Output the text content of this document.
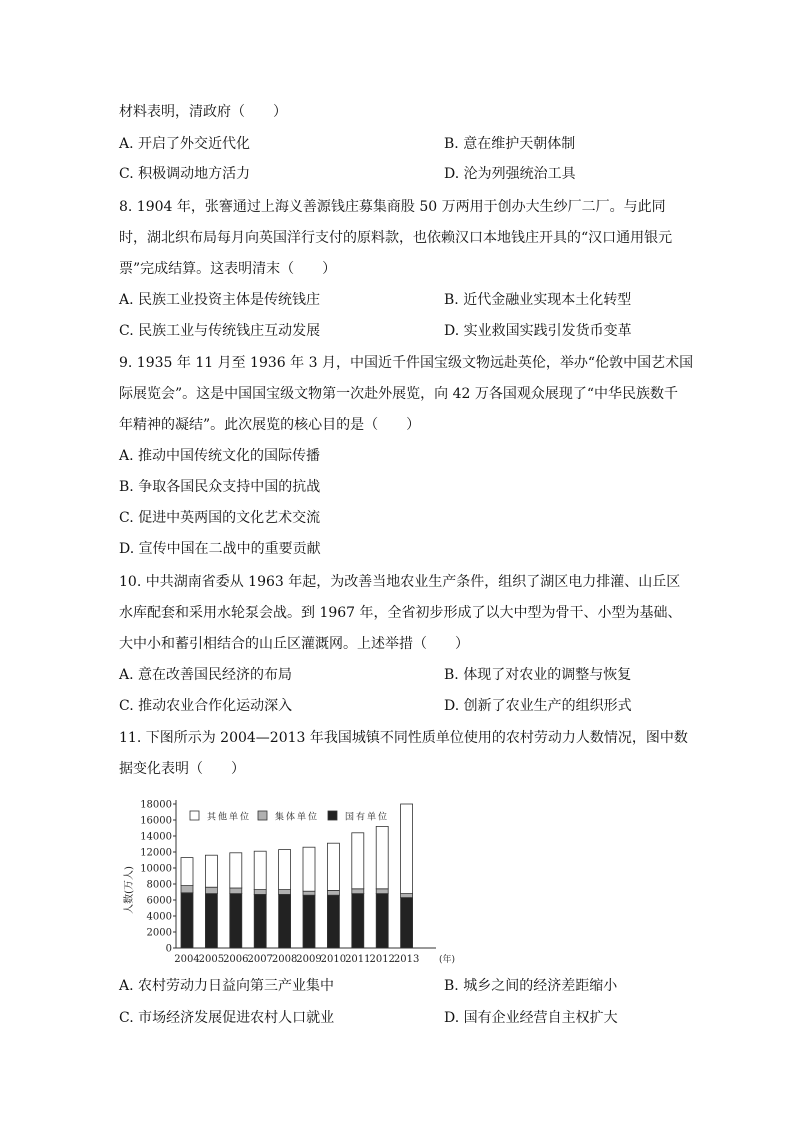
材料表明，清政府（　　）
A. 开启了外交近代化	B. 意在维护天朝体制
C. 积极调动地方活力	D. 沦为列强统治工具
8. 1904 年，张謇通过上海义善源钱庄募集商股 50 万两用于创办大生纱厂二厂。与此同
时，湖北织布局每月向英国洋行支付的原料款，也依赖汉口本地钱庄开具的“汉口通用银元
票”完成结算。这表明清末（　　）
A. 民族工业投资主体是传统钱庄	B. 近代金融业实现本土化转型
C. 民族工业与传统钱庄互动发展	D. 实业救国实践引发货币变革
9. 1935 年 11 月至 1936 年 3 月，中国近千件国宝级文物远赴英伦，举办“伦敦中国艺术国
际展览会”。这是中国国宝级文物第一次赴外展览，向 42 万各国观众展现了“中华民族数千
年精神的凝结”。此次展览的核心目的是（　　）
A. 推动中国传统文化的国际传播
B. 争取各国民众支持中国的抗战
C. 促进中英两国的文化艺术交流
D. 宣传中国在二战中的重要贡献
10. 中共湖南省委从 1963 年起，为改善当地农业生产条件，组织了湖区电力排灌、山丘区
水库配套和采用水轮泵会战。到 1967 年，全省初步形成了以大中型为骨干、小型为基础、
大中小和蓄引相结合的山丘区灌溉网。上述举措（　　）
A. 意在改善国民经济的布局	B. 体现了对农业的调整与恢复
C. 推动农业合作化运动深入	D. 创新了农业生产的组织形式
11. 下图所示为 2004—2013 年我国城镇不同性质单位使用的农村劳动力人数情况，图中数
据变化表明（　　）
0
2000
4000
6000
8000
10000
12000
14000
16000
18000
人数(万人)
2004
2005
2006
2007
2008
2009
2010
2011
2012
2013 (年)
其他单位	集体单位	国有单位
A. 农村劳动力日益向第三产业集中	B. 城乡之间的经济差距缩小
C. 市场经济发展促进农村人口就业	D. 国有企业经营自主权扩大
